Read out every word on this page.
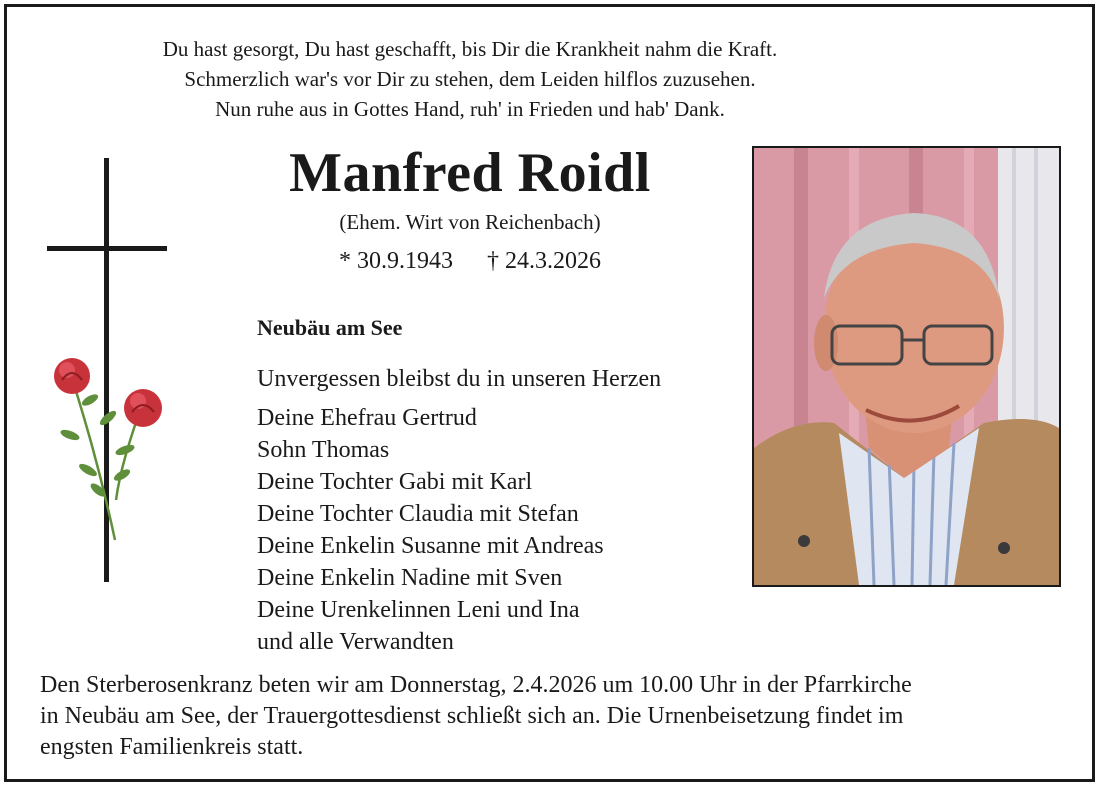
Du hast gesorgt, Du hast geschafft, bis Dir die Krankheit nahm die Kraft.
Schmerzlich war's vor Dir zu stehen, dem Leiden hilflos zuzusehen.
Nun ruhe aus in Gottes Hand, ruh' in Frieden und hab' Dank.
Manfred Roidl
(Ehem. Wirt von Reichenbach)
* 30.9.1943 † 24.3.2026
Neubäu am See
Unvergessen bleibst du in unseren Herzen
Deine Ehefrau Gertrud
Sohn Thomas
Deine Tochter Gabi mit Karl
Deine Tochter Claudia mit Stefan
Deine Enkelin Susanne mit Andreas
Deine Enkelin Nadine mit Sven
Deine Urenkelinnen Leni und Ina
und alle Verwandten
Den Sterberosenkranz beten wir am Donnerstag, 2.4.2026 um 10.00 Uhr in der Pfarrkirche
in Neubäu am See, der Trauergottesdienst schließt sich an. Die Urnenbeisetzung findet im
engsten Familienkreis statt.
